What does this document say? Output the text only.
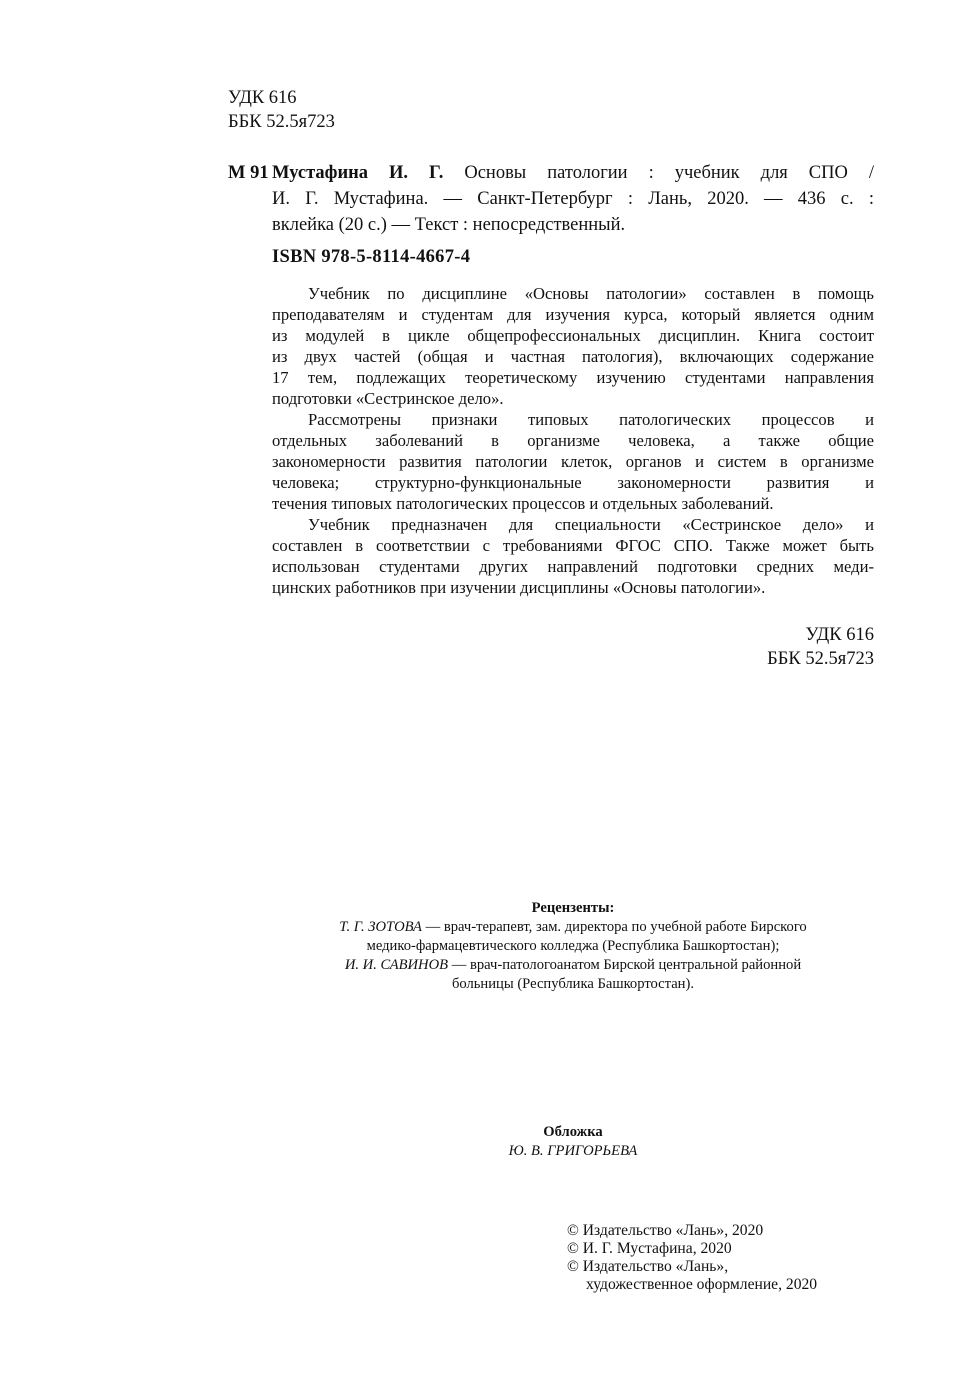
УДК 616
ББК 52.5я723
М 91 Мустафина И. Г. Основы патологии : учебник для СПО /
И. Г. Мустафина. — Санкт-Петербург : Лань, 2020. — 436 с. :
вклейка (20 с.) — Текст : непосредственный.
ISBN 978-5-8114-4667-4
Учебник по дисциплине «Основы патологии» составлен в помощь
преподавателям и студентам для изучения курса, который является одним
из модулей в цикле общепрофессиональных дисциплин. Книга состоит
из двух частей (общая и частная патология), включающих содержание
17 тем, подлежащих теоретическому изучению студентами направления
подготовки «Сестринское дело».
Рассмотрены признаки типовых патологических процессов и
отдельных заболеваний в организме человека, а также общие
закономерности развития патологии клеток, органов и систем в организме
человека; структурно-функциональные закономерности развития и
течения типовых патологических процессов и отдельных заболеваний.
Учебник предназначен для специальности «Сестринское дело» и
составлен в соответствии с требованиями ФГОС СПО. Также может быть
использован студентами других направлений подготовки средних меди-
цинских работников при изучении дисциплины «Основы патологии».
УДК 616
ББК 52.5я723
Рецензенты:
Т. Г. ЗОТОВА — врач-терапевт, зам. директора по учебной работе Бирского
медико-фармацевтического колледжа (Республика Башкортостан);
И. И. САВИНОВ — врач-патологоанатом Бирской центральной районной
больницы (Республика Башкортостан).
Обложка
Ю. В. ГРИГОРЬЕВА
© Издательство «Лань», 2020
© И. Г. Мустафина, 2020
© Издательство «Лань»,
художественное оформление, 2020
